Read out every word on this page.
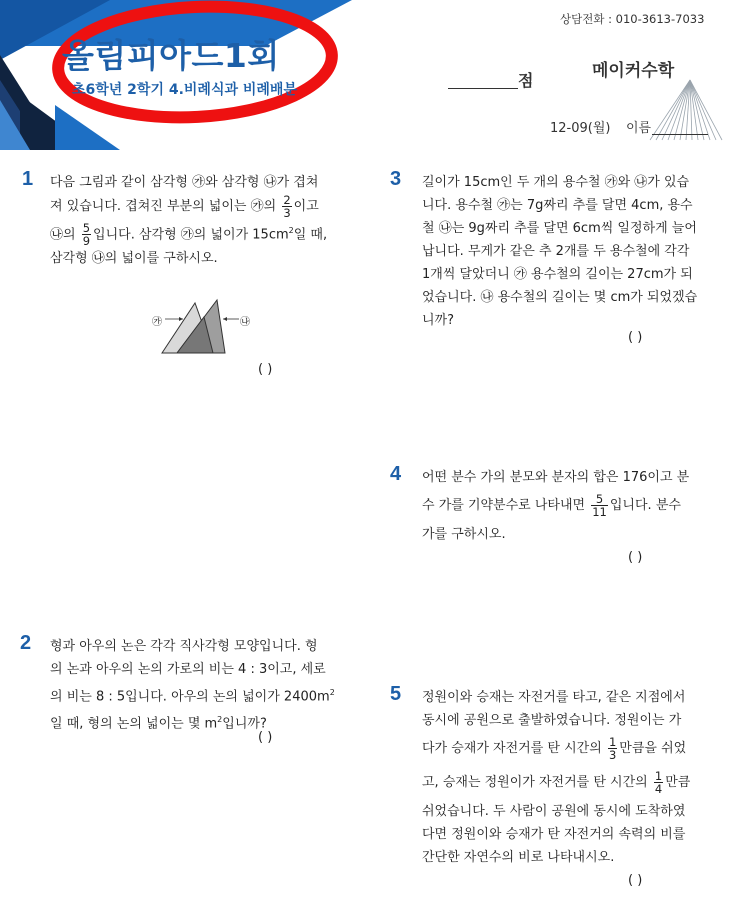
올림피아드1회
초6학년 2학기 4.비례식과 비례배분
상담전화 : 010-3613-7033
메이커수학
점
12-09(월) 이름
1 다음 그림과 같이 삼각형 ㉮와 삼각형 ㉯가 겹쳐
져 있습니다. 겹쳐진 부분의 넓이는 ㉮의 $\frac{2}{3}$ 이고
㉯의 $\frac{5}{9}$ 입니다. 삼각형 ㉮의 넓이가 $15cm^2$일 때,
삼각형 ㉯의 넓이를 구하시오.
㉮	㉯
( )
2 형과 아우의 논은 각각 직사각형 모양입니다. 형
의 논과 아우의 논의 가로의 비는 4 : 3이고, 세로
의 비는 8 : 5입니다. 아우의 논의 넓이가 $2400m^2$
일 때, 형의 논의 넓이는 몇 $m^2$입니까?
( )
3 길이가 15cm인 두 개의 용수철 ㉮와 ㉯가 있습
니다. 용수철 ㉮는 7g짜리 추를 달면 4cm, 용수
철 ㉯는 9g짜리 추를 달면 6cm씩 일정하게 늘어
납니다. 무게가 같은 추 2개를 두 용수철에 각각
1개씩 달았더니 ㉮ 용수철의 길이는 27cm가 되
었습니다. ㉯ 용수철의 길이는 몇 cm가 되었겠습
니까?
( )
4 어떤 분수 가의 분모와 분자의 합은 176이고 분
수 가를 기약분수로 나타내면 $\frac{5}{11}$ 입니다. 분수
가를 구하시오.
( )
5 정원이와 승재는 자전거를 타고, 같은 지점에서
동시에 공원으로 출발하였습니다. 정원이는 가
다가 승재가 자전거를 탄 시간의 $\frac{1}{3}$ 만큼을 쉬었
고, 승재는 정원이가 자전거를 탄 시간의 $\frac{1}{4}$ 만큼
쉬었습니다. 두 사람이 공원에 동시에 도착하였
다면 정원이와 승재가 탄 자전거의 속력의 비를
간단한 자연수의 비로 나타내시오.
( )
